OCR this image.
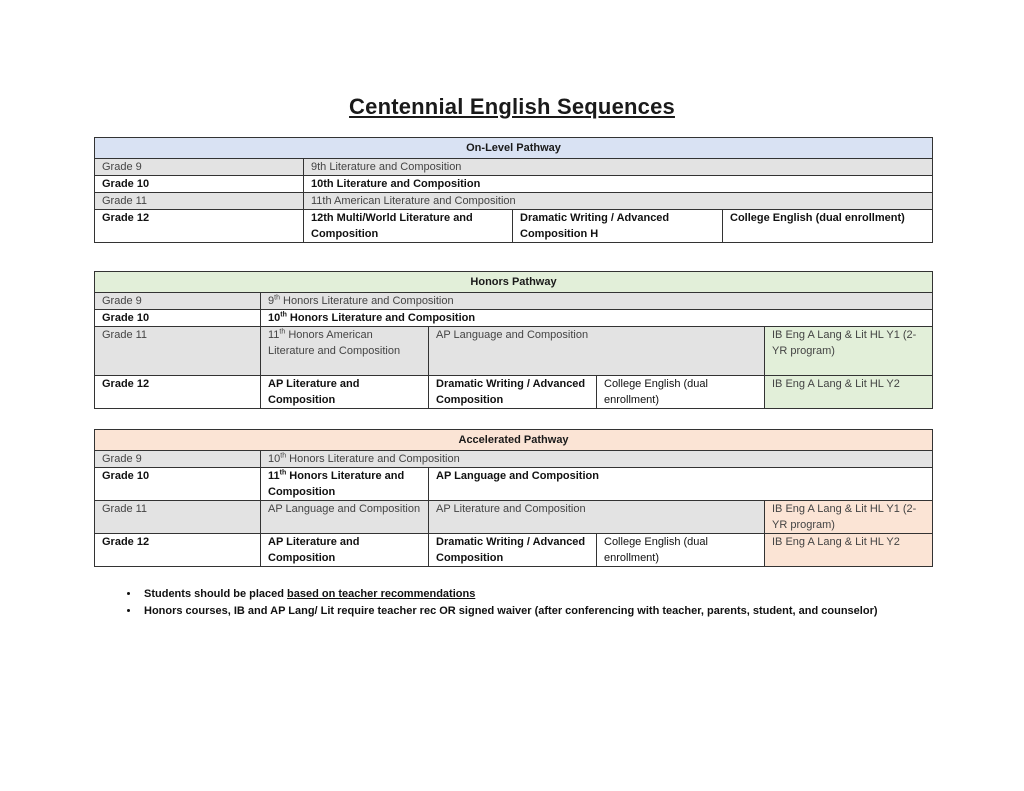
Centennial English Sequences
On-Level Pathway			
Grade 9	9th Literature and Composition		
Grade 10	10th Literature and Composition		
Grade 11	11th American Literature and Composition		
Grade 12	12th Multi/World Literature and Composition	Dramatic Writing / Advanced Composition H	College English (dual enrollment)
Honors Pathway				
Grade 9	9th Honors Literature and Composition			
Grade 10	10th Honors Literature and Composition			
Grade 11	11th Honors American Literature and Composition	AP Language and Composition		IB Eng A Lang & Lit HL Y1 (2-YR program)
Grade 12	AP Literature and Composition	Dramatic Writing / Advanced Composition	College English (dual enrollment)	IB Eng A Lang & Lit HL Y2
Accelerated Pathway				
Grade 9	10th Honors Literature and Composition			
Grade 10	11th Honors Literature and Composition	AP Language and Composition		
Grade 11	AP Language and Composition	AP Literature and Composition		IB Eng A Lang & Lit HL Y1 (2-YR program)
Grade 12	AP Literature and Composition	Dramatic Writing / Advanced Composition	College English (dual enrollment)	IB Eng A Lang & Lit HL Y2
• Students should be placed based on teacher recommendations
• Honors courses, IB and AP Lang/ Lit require teacher rec OR signed waiver (after conferencing with teacher, parents, student, and counselor)
